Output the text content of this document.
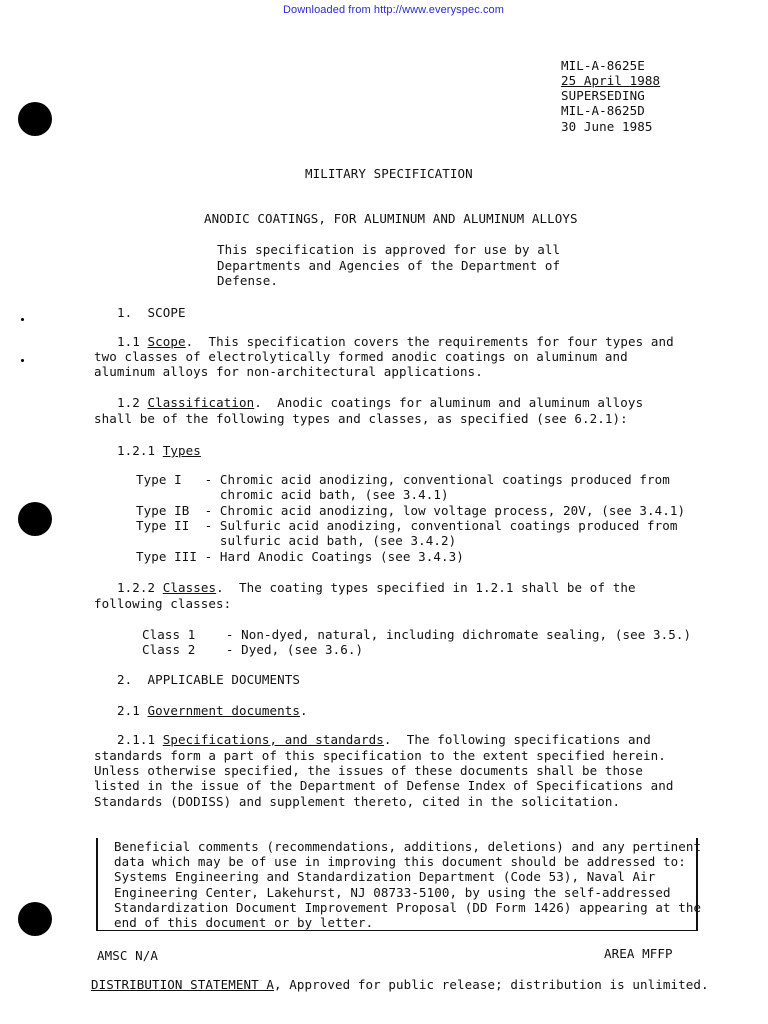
Downloaded from http://www.everyspec.com
MIL-A-8625E
25 April 1988
SUPERSEDING
MIL-A-8625D
30 June 1985
MILITARY SPECIFICATION
ANODIC COATINGS, FOR ALUMINUM AND ALUMINUM ALLOYS
This specification is approved for use by all
Departments and Agencies of the Department of
Defense.
1.  SCOPE
1.1 Scope.  This specification covers the requirements for four types and
two classes of electrolytically formed anodic coatings on aluminum and
aluminum alloys for non-architectural applications.
1.2 Classification.  Anodic coatings for aluminum and aluminum alloys
shall be of the following types and classes, as specified (see 6.2.1):
1.2.1 Types
Type I   - Chromic acid anodizing, conventional coatings produced from
chromic acid bath, (see 3.4.1)
Type IB  - Chromic acid anodizing, low voltage process, 20V, (see 3.4.1)
Type II  - Sulfuric acid anodizing, conventional coatings produced from
sulfuric acid bath, (see 3.4.2)
Type III - Hard Anodic Coatings (see 3.4.3)
1.2.2 Classes.  The coating types specified in 1.2.1 shall be of the
following classes:
Class 1 - Non-dyed, natural, including dichromate sealing, (see 3.5.)
Class 2 - Dyed, (see 3.6.)
2.  APPLICABLE DOCUMENTS
2.1 Government documents.
2.1.1 Specifications, and standards.  The following specifications and
standards form a part of this specification to the extent specified herein.
Unless otherwise specified, the issues of these documents shall be those
listed in the issue of the Department of Defense Index of Specifications and
Standards (DODISS) and supplement thereto, cited in the solicitation.
Beneficial comments (recommendations, additions, deletions) and any pertinent
data which may be of use in improving this document should be addressed to:
Systems Engineering and Standardization Department (Code 53), Naval Air
Engineering Center, Lakehurst, NJ 08733-5100, by using the self-addressed
Standardization Document Improvement Proposal (DD Form 1426) appearing at the
end of this document or by letter.
AMSC N/A	AREA MFFP
DISTRIBUTION STATEMENT A, Approved for public release; distribution is unlimited.
